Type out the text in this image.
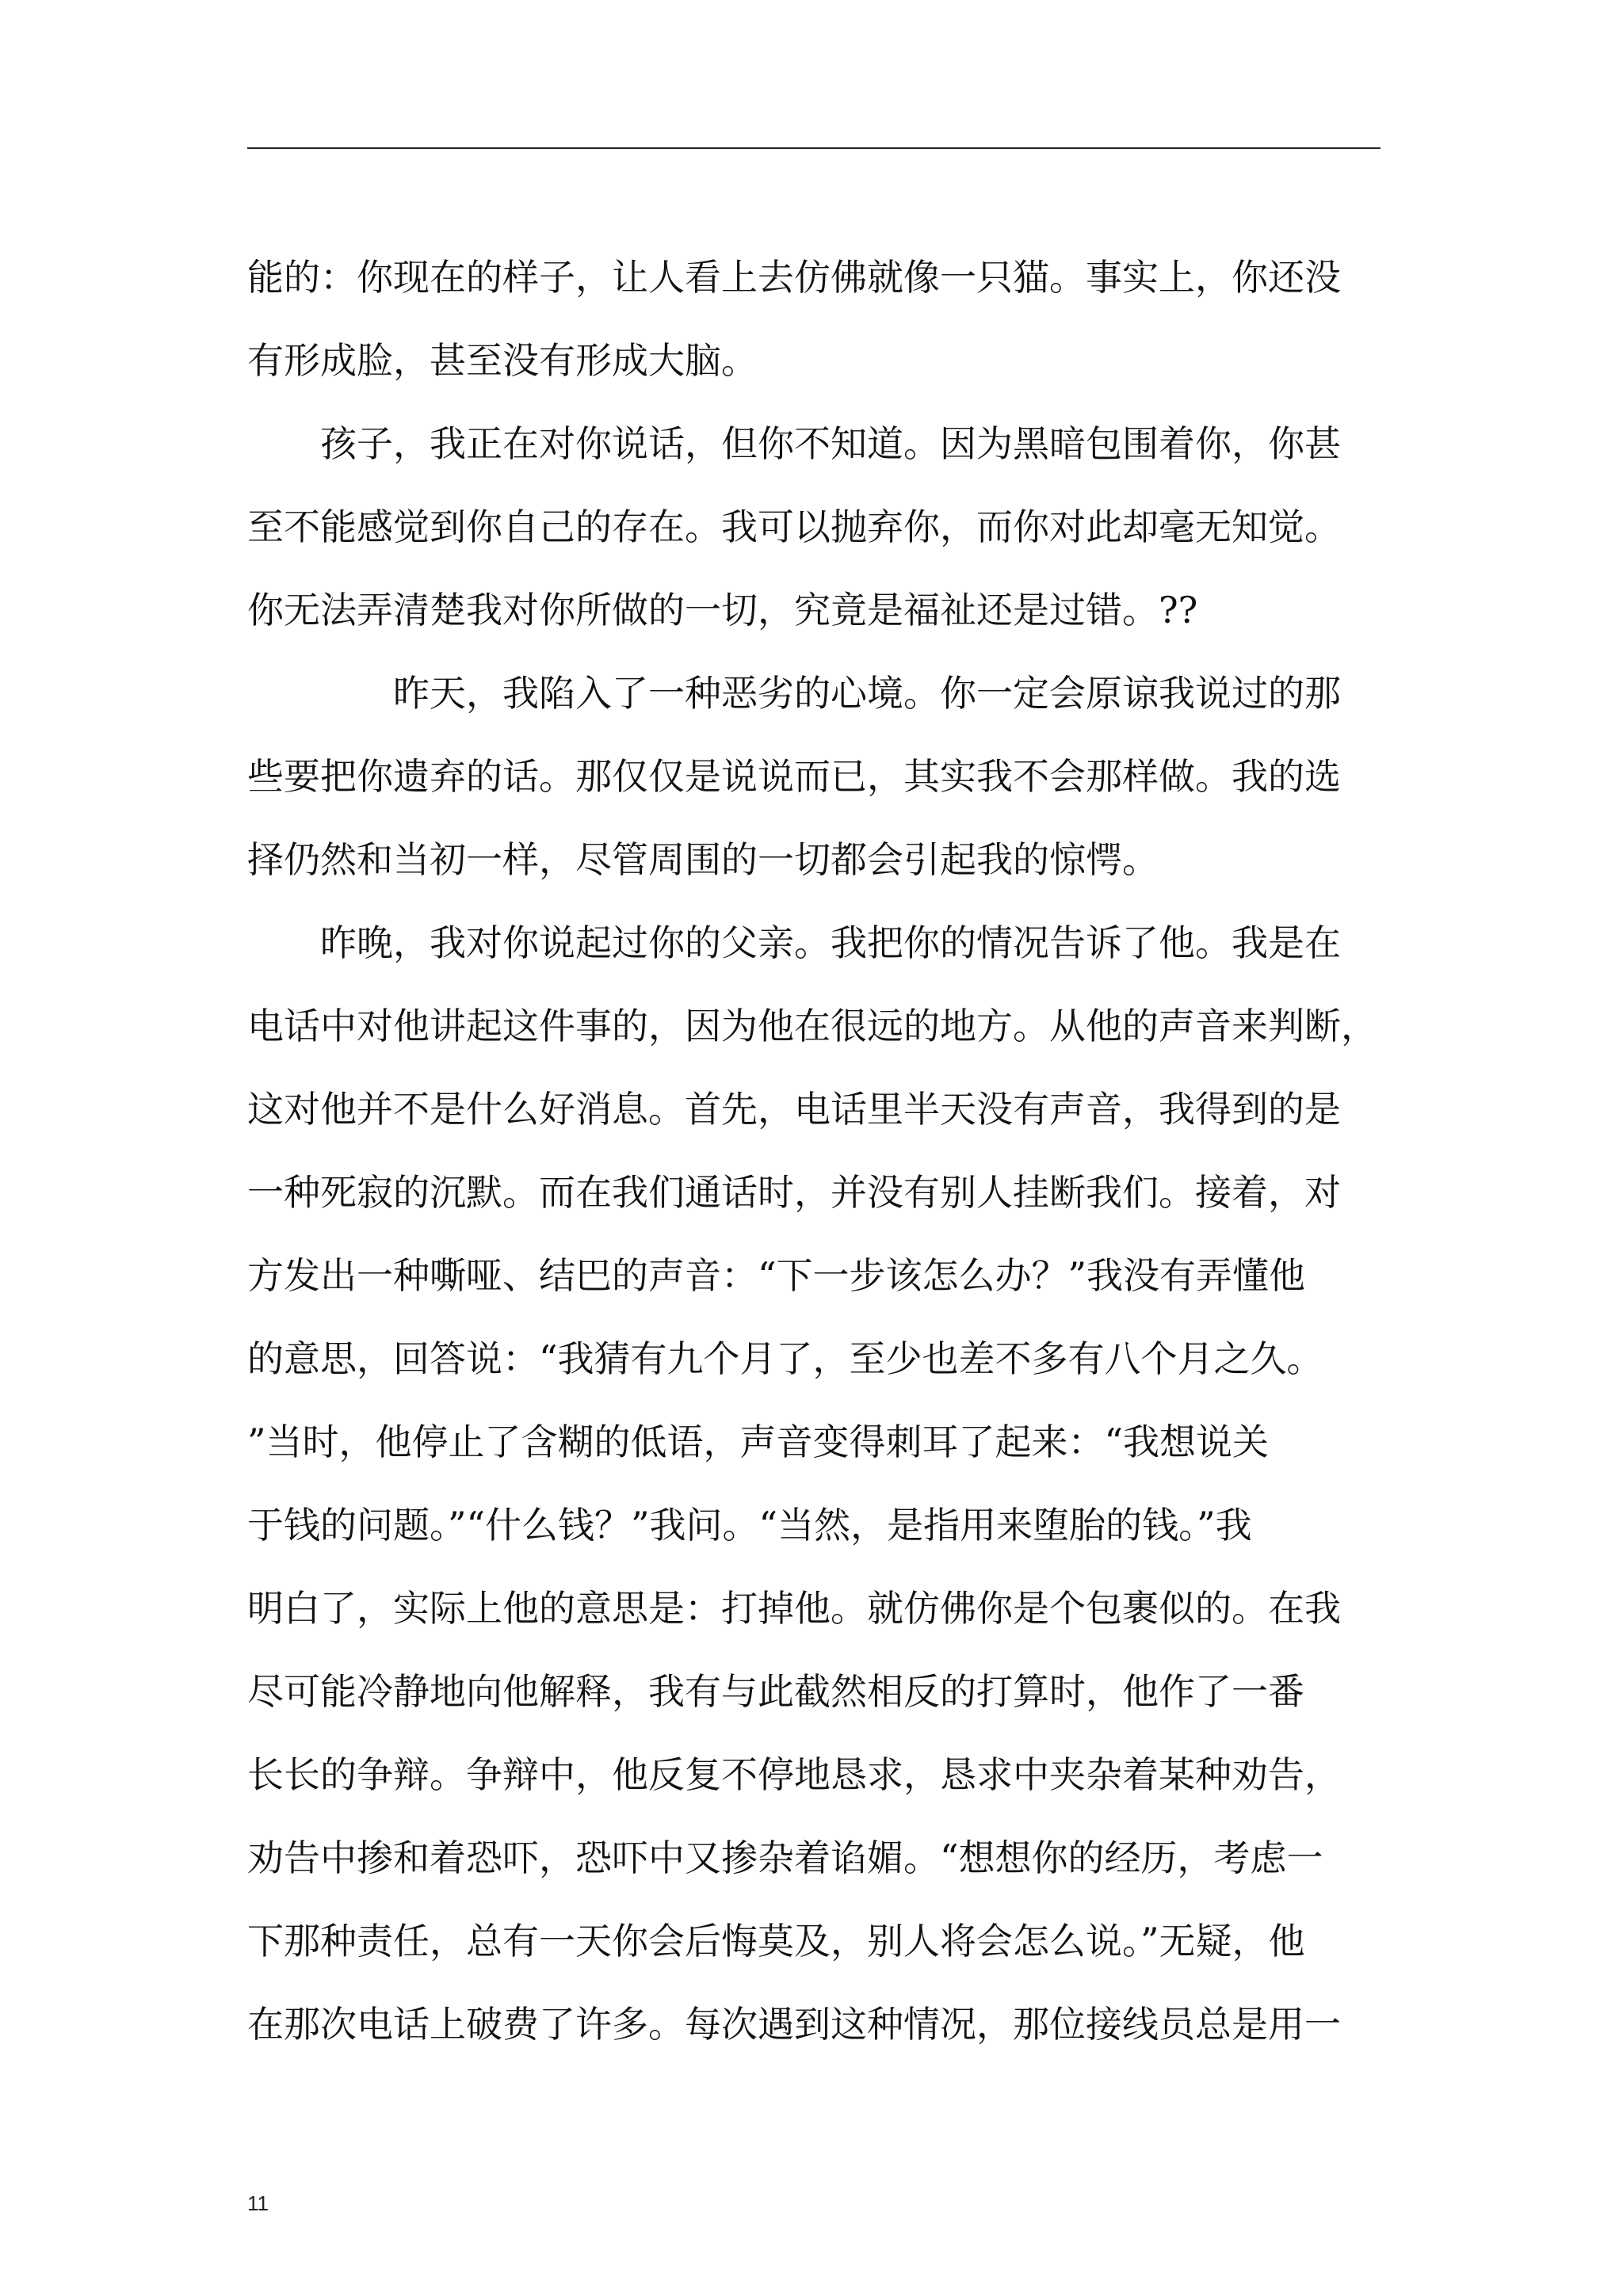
能的：你现在的样子，让人看上去仿佛就像一只猫。事实上，你还没
有形成脸，甚至没有形成大脑。
　　孩子，我正在对你说话，但你不知道。因为黑暗包围着你，你甚
至不能感觉到你自己的存在。我可以抛弃你，而你对此却毫无知觉。
你无法弄清楚我对你所做的一切，究竟是福祉还是过错。??
　　　　昨天，我陷入了一种恶劣的心境。你一定会原谅我说过的那
些要把你遗弃的话。那仅仅是说说而已，其实我不会那样做。我的选
择仍然和当初一样，尽管周围的一切都会引起我的惊愕。
　　昨晚，我对你说起过你的父亲。我把你的情况告诉了他。我是在
电话中对他讲起这件事的，因为他在很远的地方。从他的声音来判断，
这对他并不是什么好消息。首先，电话里半天没有声音，我得到的是
一种死寂的沉默。而在我们通话时，并没有别人挂断我们。接着，对
方发出一种嘶哑、结巴的声音：“下一步该怎么办？”我没有弄懂他
的意思，回答说：“我猜有九个月了，至少也差不多有八个月之久。
”当时，他停止了含糊的低语，声音变得刺耳了起来：“我想说关
于钱的问题。”“什么钱？”我问。“当然，是指用来堕胎的钱。”我
明白了，实际上他的意思是：打掉他。就仿佛你是个包裹似的。在我
尽可能冷静地向他解释，我有与此截然相反的打算时，他作了一番
长长的争辩。争辩中，他反复不停地恳求，恳求中夹杂着某种劝告，
劝告中掺和着恐吓，恐吓中又掺杂着谄媚。“想想你的经历，考虑一
下那种责任，总有一天你会后悔莫及，别人将会怎么说。”无疑，他
在那次电话上破费了许多。每次遇到这种情况，那位接线员总是用一
11
